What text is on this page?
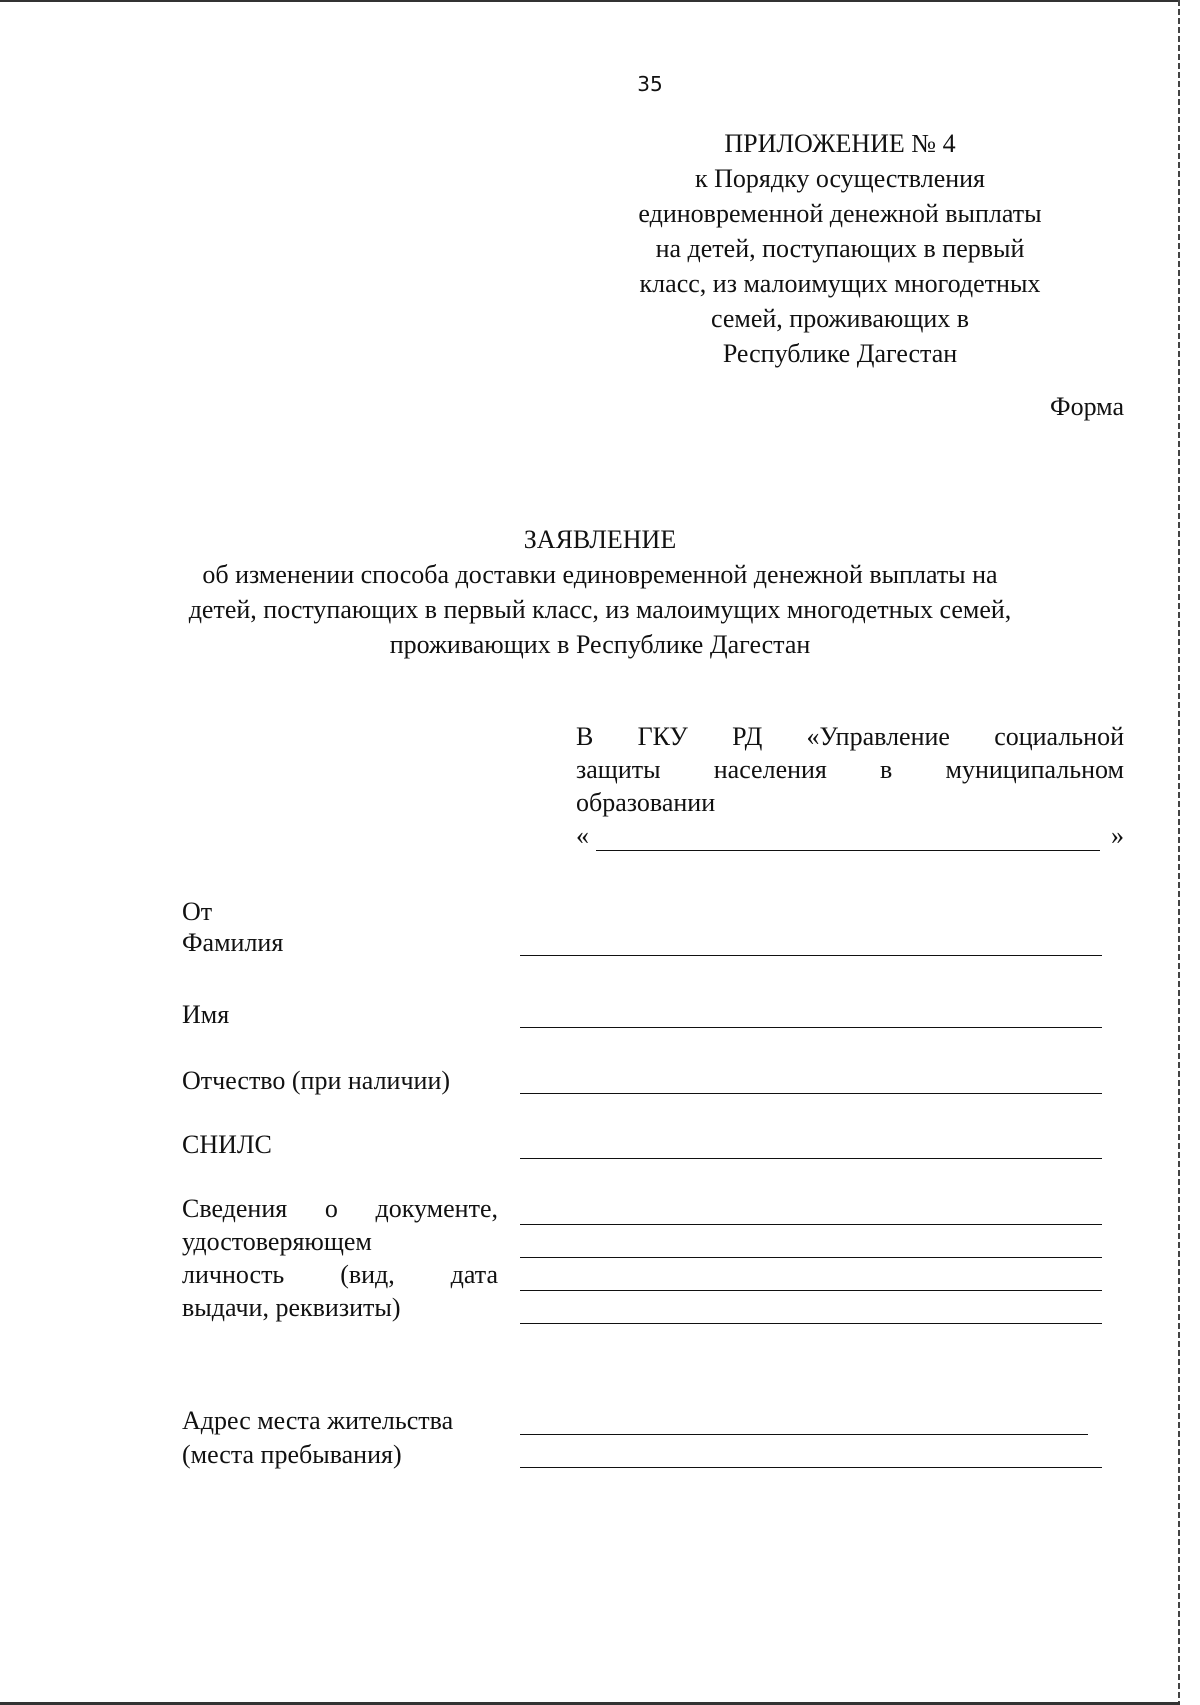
35
ПРИЛОЖЕНИЕ № 4
к Порядку осуществления
единовременной денежной выплаты
на детей, поступающих в первый
класс, из малоимущих многодетных
семей, проживающих в
Республике Дагестан
Форма
ЗАЯВЛЕНИЕ
об изменении способа доставки единовременной денежной выплаты на
детей, поступающих в первый класс, из малоимущих многодетных семей,
проживающих в Республике Дагестан
В ГКУ РД «Управление социальной
защиты населения в муниципальном
образовании
«	»
От
Фамилия
Имя
Отчество (при наличии)
СНИЛС
Сведения о документе,
удостоверяющем
личность (вид, дата
выдачи, реквизиты)
Адрес места жительства
(места пребывания)
